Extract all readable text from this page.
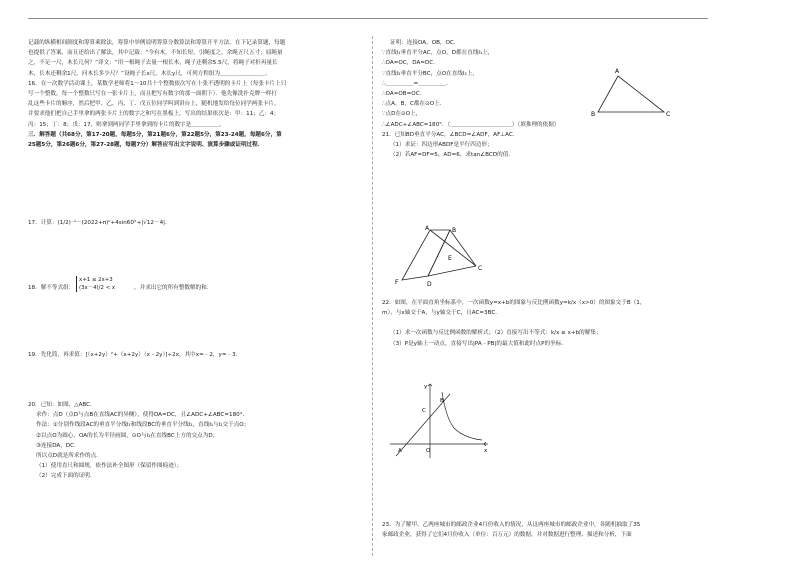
记载的纵横相间制度和筹算乘除法，筹算中举例说明筹算分数算法和筹算开平方法。在下记录算题，每题
也提供了答案，而且还给出了解法，其中记载：“今有木，不知长短，引绳度之，余绳五尺五寸；屈绳量
之，不足一尺，木长几何？”译文：“用一根绳子去量一根长木，绳子还剩余5.5尺，将绳子对折再量长
木，长木还剩余1尺，问木长多少尺？”设绳子长x尺，木长y尺，可列方程组为＿＿＿＿＿＿＿＿。
16．在一次数学活动课上，某数学老师将1～10共十个整数依次写在十张不透明的卡片上（每张卡片上只
写一个整数，每一个整数只写在一张卡片上，而且把写有数字的那一面朝下）．他先像洗扑克牌一样打
乱这些卡片的顺序，然后把甲、乙、丙、丁、戊五位同学叫到讲台上，随机地发给每位同学两张卡片，
并要求他们把自己手里拿的两张卡片上的数字之和写在黑板上，写出的结果依次是：甲：11；乙：4；
丙：15；丁：8；戊：17，则拿到两同学手里拿到的卡片的数字是＿＿＿＿＿。
三．解答题（共68分，第17-20题，每题5分，第21题6分，第22题5分，第23-24题，每题6分，第
25题5分，第26题6分，第27-28题，每题7分）解答应写出文字说明、演算步骤或证明过程．
17．计算：(1/2)⁻¹－(2022+π)⁰+4sin60°+|√12－4|．
18．解不等式组：
x+1 ≤ 2x+3
(3x－4)/2 < x	，并求出它的所有整数解的和．
19．先化简，再求值：[（x+2y）²+（x+2y）（x﹣2y）]÷2x，其中x=﹣2，y=﹣3．
20．已知：如图，△ABC．
求作：点D（点D与点B在直线AC的异侧），使得DA=DC，且∠ADC+∠ABC=180°．
作法：①分别作线段AC的垂直平分线l₁和线段BC的垂直平分线l₂，直线l₁与l₂交于点O；
②以点O为圆心，OA的长为半径画圆，⊙O与l₁在直线BC上方的交点为D；
③连接DA，DC．
所以点D就是所求作的点．
（1）使用直尺和圆规，依作法补全图形（保留作图痕迹）；
（2）完成下面的证明．
证明：连接OA，OB，OC．
∵直线l₁垂直平分AC，点O，D都在直线l₁上，
∴OA=OC，DA=DC．
∵直线l₂垂直平分BC，点O在直线l₂上，
∴＿＿＿＿＿=＿＿＿＿＿．
∴OA=OB=OC．
∴点A，B，C都在⊙O上．
∵点D在⊙O上，
∴∠ADC+∠ABC=180°．（＿＿＿＿＿＿＿＿＿＿＿）（填推理的依据）
21．已知BD垂直平分AC，∠BCD=∠ADF，AF⊥AC．
（1）求证：四边形ABDF是平行四边形；
（2）若AF=DF=5，AD=6，求tan∠BCD的值．
A
B	C
A	B
C
D
E
F
22．如图，在平面直角坐标系中，一次函数y=x+b的图象与反比例函数y=k/x（x>0）的图象交于B（1，
m），与x轴交于A，与y轴交于C，且AC=3BC．
（1）求一次函数与反比例函数的解析式；（2）直接写出不等式：k/x ≥ x+b的解集；
（3）P是y轴上一动点，直接写出|PA﹣PB|的最大值和此时点P的坐标．
y
x
O
A
B
C
23．为了解甲、乙两座城市的邮政企业4月份收入的情况，从这两座城市的邮政企业中，各随机抽取了35
家邮政企业，获得了它们4月份收入（单位：百万元）的数据，并对数据进行整理、描述和分析，下面
